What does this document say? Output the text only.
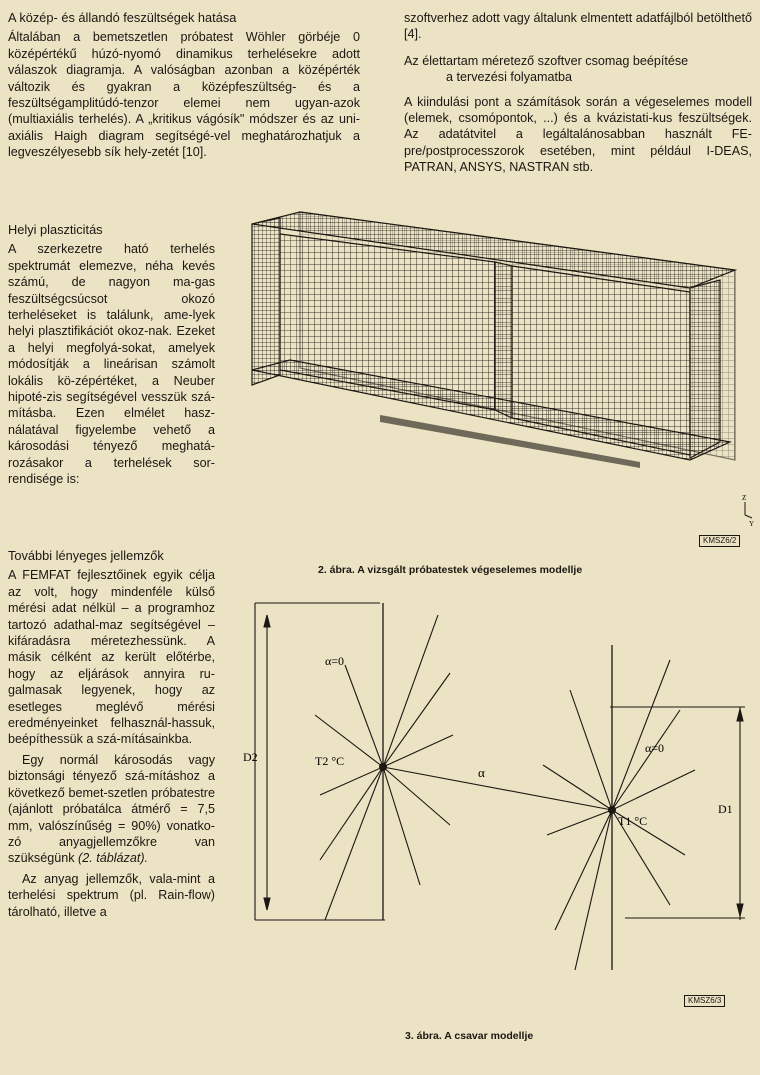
A közép- és állandó feszültségek hatása

Általában a bemetszetlen próbatest Wöhler görbéje 0 középértékű húzó-nyomó dinamikus terhelésekre adott válaszok diagramja. A valóságban azonban a középérték változik és gyakran a középfeszültség- és a feszültségamplitúdó-tenzor elemei nem ugyan-azok (multiaxiális terhelés). A „kritikus vágósík" módszer és az uni-axiális Haigh diagram segítségé-vel meghatározhatjuk a legveszélyesebb sík hely-zetét [10].

szoftverhez adott vagy általunk elmentett adatfájlból betölthető [4].

Az élettartam méretező szoftver csomag beépítése
a tervezési folyamatba

A kiindulási pont a számítások során a végeselemes modell (elemek, csomópontok, ...) és a kvázistati-kus feszültségek. Az adatátvitel a legáltalánosabban használt FE-pre/postprocesszorok esetében, mint például I-DEAS, PATRAN, ANSYS, NASTRAN stb.

Helyi plaszticitás

A szerkezetre ható terhelés spektrumát elemezve, néha kevés számú, de nagyon ma-gas feszültségcsúcsot okozó terheléseket is találunk, ame-lyek helyi plasztifikációt okoz-nak. Ezeket a helyi megfolyá-sokat, amelyek módosítják a lineárisan számolt lokális kö-zépértéket, a Neuber hipoté-zis segítségével vesszük szá-mításba. Ezen elmélet hasz-nálatával figyelembe vehető a károsodási tényező meghatá-rozásakor a terhelések sor-rendisége is:

További lényeges jellemzők

A FEMFAT fejlesztőinek egyik célja az volt, hogy mindenféle külső mérési adat nélkül – a programhoz tartozó adathal-maz segítségével – kifáradásra méretezhessünk. A másik célként az került előtérbe, hogy az eljárások annyira ru-galmasak legyenek, hogy az esetleges meglévő mérési eredményeinket felhasznál-hassuk, beépíthessük a szá-mításainkba.

Egy normál károsodás vagy biztonsági tényező szá-mításhoz a következő bemet-szetlen próbatestre (ajánlott próbatálca átmérő = 7,5 mm, valószínűség = 90%) vonatko-zó anyagjellemzőkre van szükségünk (2. táblázat).

Az anyag jellemzők, vala-mint a terhelési spektrum (pl. Rain-flow) tárolható, illetve a

Z
Y
KMSZ6/2
2. ábra. A vizsgált próbatestek végeselemes modellje
D2
D1
T2 °C
T1 °C
α
α=0
α=0
KMSZ6/3
3. ábra. A csavar modellje
